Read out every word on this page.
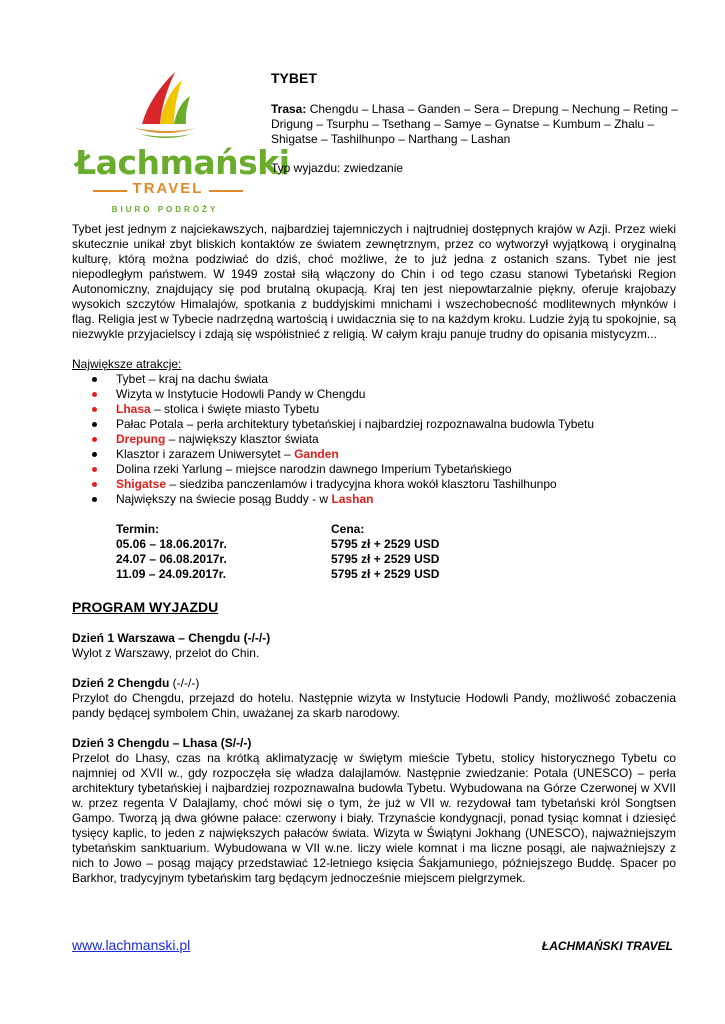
Łachmański
TRAVEL
BIURO PODRÓŻY
TYBET

Trasa: Chengdu – Lhasa – Ganden – Sera – Drepung – Nechung – Reting – Drigung – Tsurphu – Tsethang – Samye – Gynatse – Kumbum – Zhalu – Shigatse – Tashilhunpo – Narthang – Lashan

Typ wyjazdu: zwiedzanie

Tybet jest jednym z najciekawszych, najbardziej tajemniczych i najtrudniej dostępnych krajów w Azji. Przez wieki skutecznie unikał zbyt bliskich kontaktów ze światem zewnętrznym, przez co wytworzył wyjątkową i oryginalną kulturę, którą można podziwiać do dziś, choć możliwe, że to już jedna z ostanich szans. Tybet nie jest niepodległym państwem. W 1949 został siłą włączony do Chin i od tego czasu stanowi Tybetański Region Autonomiczny, znajdujący się pod brutalną okupacją. Kraj ten jest niepowtarzalnie piękny, oferuje krajobazy wysokich szczytów Himalajów, spotkania z buddyjskimi mnichami i wszechobecność modlitewnych młynków i flag. Religia jest w Tybecie nadrzędną wartością i uwidacznia się to na każdym kroku. Ludzie żyją tu spokojnie, są niezwykle przyjacielscy i zdają się współistnieć z religią. W całym kraju panuje trudny do opisania mistycyzm...

Największe atrakcje:

Tybet – kraj na dachu świata
Wizyta w Instytucie Hodowli Pandy w Chengdu
Lhasa – stolica i święte miasto Tybetu
Pałac Potala – perła architektury tybetańskiej i najbardziej rozpoznawalna budowla Tybetu
Drepung – największy klasztor świata
Klasztor i zarazem Uniwersytet – Ganden
Dolina rzeki Yarlung – miejsce narodzin dawnego Imperium Tybetańskiego
Shigatse – siedziba panczenlamów i tradycyjna khora wokół klasztoru Tashilhunpo
Największy na świecie posąg Buddy - w Lashan
Termin:
05.06 – 18.06.2017r.
24.07 – 06.08.2017r.
11.09 – 24.09.2017r.
Cena:
5795 zł + 2529 USD
5795 zł + 2529 USD
5795 zł + 2529 USD

PROGRAM WYJAZDU

Dzień 1 Warszawa – Chengdu (-/-/-)

Wylot z Warszawy, przelot do Chin.

Dzień 2 Chengdu (-/-/-)

Przylot do Chengdu, przejazd do hotelu. Następnie wizyta w Instytucie Hodowli Pandy, możliwość zobaczenia pandy będącej symbolem Chin, uważanej za skarb narodowy.

Dzień 3 Chengdu – Lhasa (S/-/-)

Przelot do Lhasy, czas na krótką aklimatyzację w świętym mieście Tybetu, stolicy historycznego Tybetu co najmniej od XVII w., gdy rozpoczęła się władza dalajlamów. Następnie zwiedzanie: Potala (UNESCO) – perła architektury tybetańskiej i najbardziej rozpoznawalna budowla Tybetu. Wybudowana na Górze Czerwonej w XVII w. przez regenta V Dalajlamy, choć mówi się o tym, że już w VII w. rezydował tam tybetański król Songtsen Gampo. Tworzą ją dwa główne pałace: czerwony i biały. Trzynaście kondygnacji, ponad tysiąc komnat i dziesięć tysięcy kaplic, to jeden z największych pałaców świata. Wizyta w Świątyni Jokhang (UNESCO), najważniejszym tybetańskim sanktuarium. Wybudowana w VII w.ne. liczy wiele komnat i ma liczne posągi, ale najważniejszy z nich to Jowo – posąg mający przedstawiać 12-letniego księcia Śakjamuniego, późniejszego Buddę. Spacer po Barkhor, tradycyjnym tybetańskim targ będącym jednocześnie miejscem pielgrzymek.

www.lachmanski.pl	ŁACHMAŃSKI TRAVEL
